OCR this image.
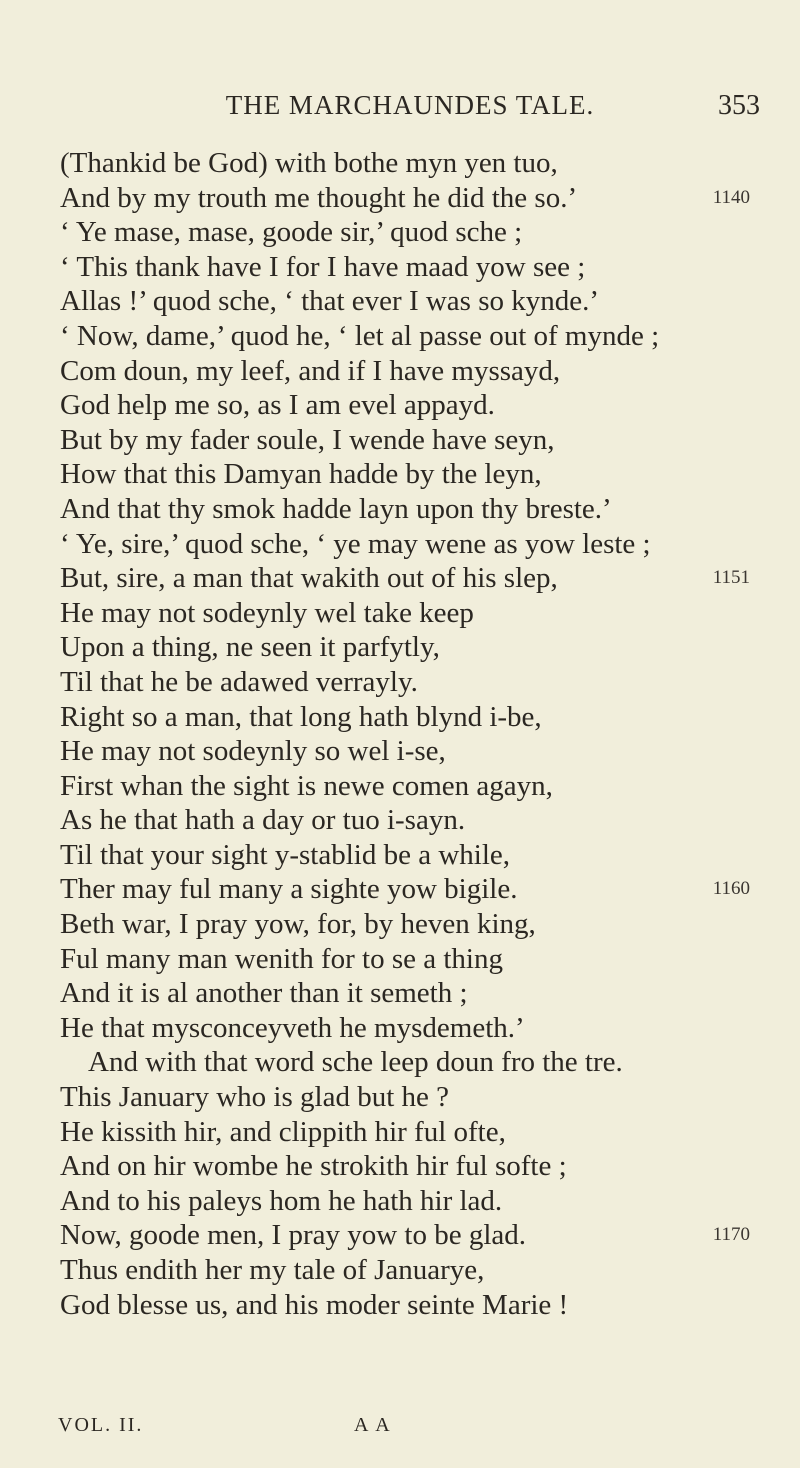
THE MARCHAUNDES TALE.	353
(Thankid be God) with bothe myn yen tuo,
And by my trouth me thought he did the so.’	1140
‘ Ye mase, mase, goode sir,’ quod sche ;
‘ This thank have I for I have maad yow see ;
Allas !’ quod sche, ‘ that ever I was so kynde.’
‘ Now, dame,’ quod he, ‘ let al passe out of mynde ;
Com doun, my leef, and if I have myssayd,
God help me so, as I am evel appayd.
But by my fader soule, I wende have seyn,
How that this Damyan hadde by the leyn,
And that thy smok hadde layn upon thy breste.’
‘ Ye, sire,’ quod sche, ‘ ye may wene as yow leste ;
But, sire, a man that wakith out of his slep,	1151
He may not sodeynly wel take keep
Upon a thing, ne seen it parfytly,
Til that he be adawed verrayly.
Right so a man, that long hath blynd i-be,
He may not sodeynly so wel i-se,
First whan the sight is newe comen agayn,
As he that hath a day or tuo i-sayn.
Til that your sight y-stablid be a while,
Ther may ful many a sighte yow bigile.	1160
Beth war, I pray yow, for, by heven king,
Ful many man wenith for to se a thing
And it is al another than it semeth ;
He that mysconceyveth he mysdemeth.’
And with that word sche leep doun fro the tre.
This January who is glad but he ?
He kissith hir, and clippith hir ful ofte,
And on hir wombe he strokith hir ful softe ;
And to his paleys hom he hath hir lad.
Now, goode men, I pray yow to be glad.	1170
Thus endith her my tale of Januarye,
God blesse us, and his moder seinte Marie !
VOL. II.	A A
